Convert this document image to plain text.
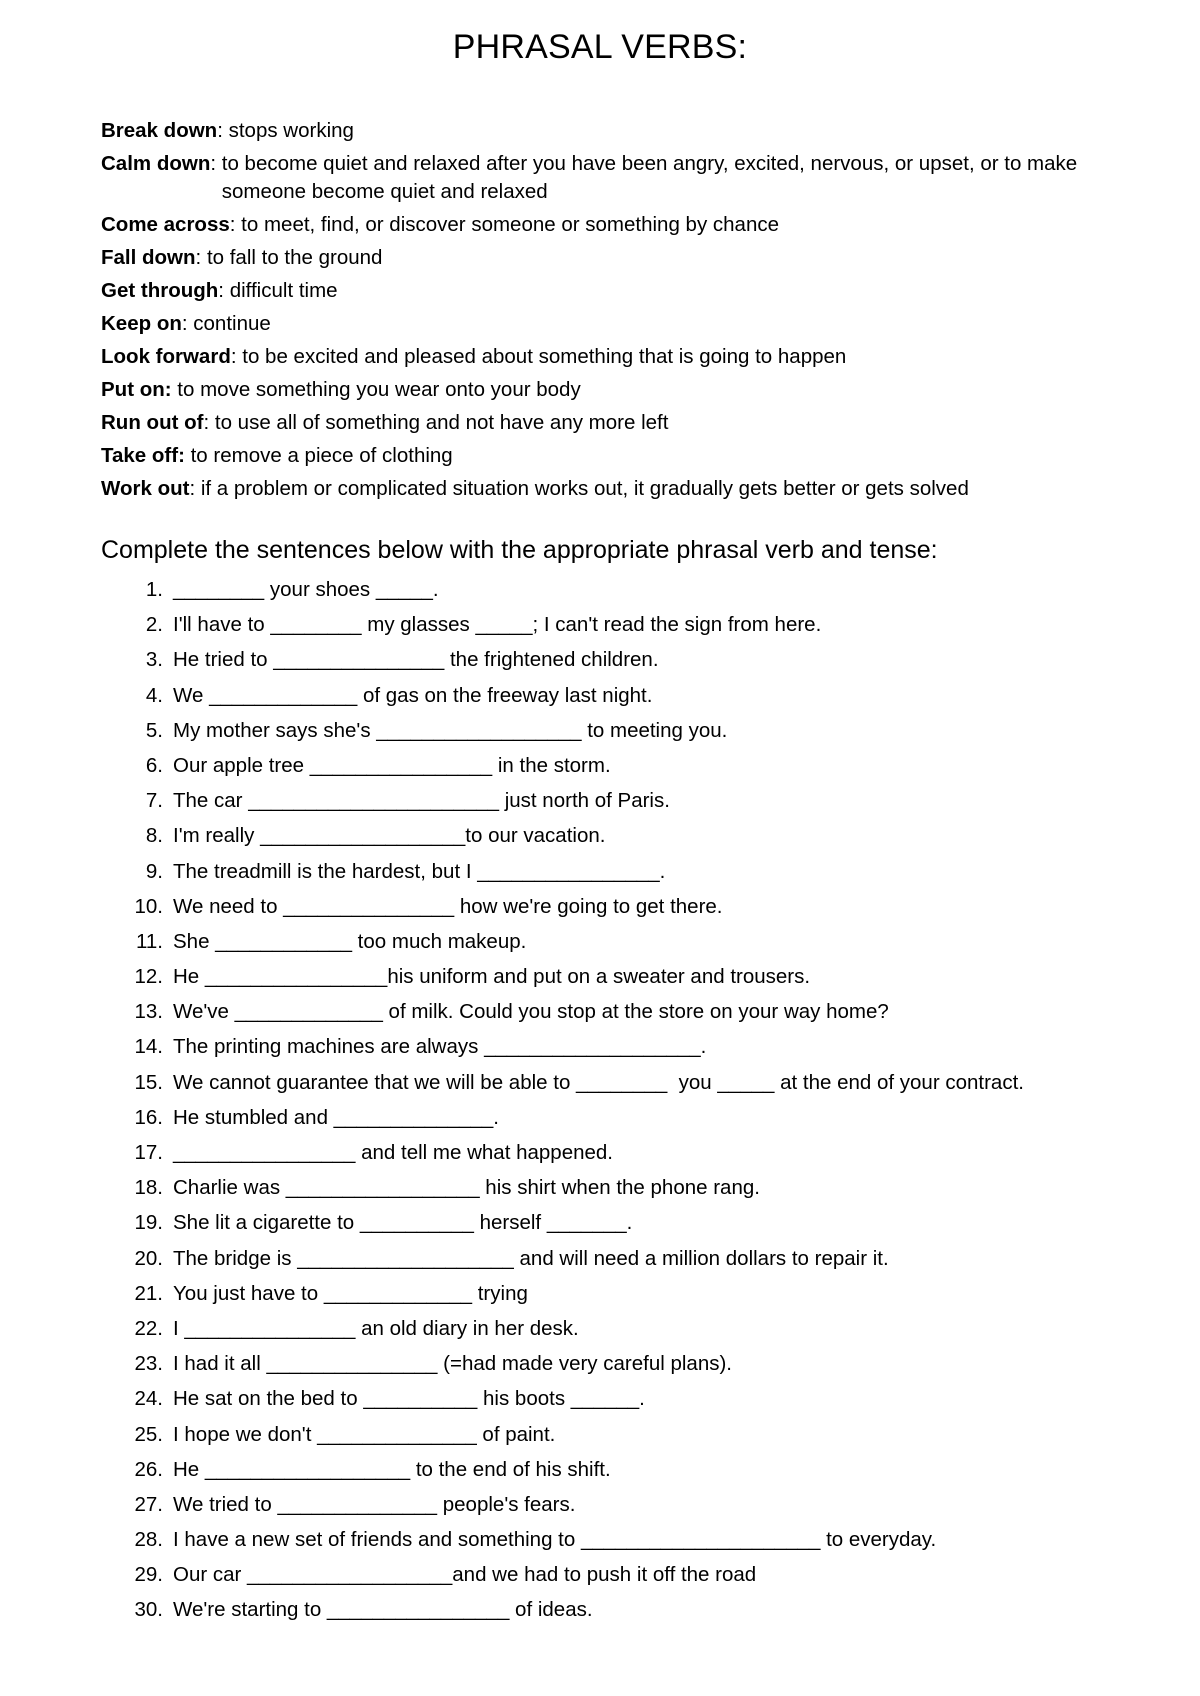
PHRASAL VERBS:
Break down : stops working
Calm down : to become quiet and relaxed after you have been angry, excited, nervous, or upset, or to make someone become quiet and relaxed
Come across : to meet, find, or discover someone or something by chance
Fall down : to fall to the ground
Get through : difficult time
Keep on : continue
Look forward : to be excited and pleased about something that is going to happen
Put on:
to move something you wear onto your body
Run out of : to use all of something and not have any more left
Take off:
to remove a piece of clothing
Work out : if a problem or complicated situation works out, it gradually gets better or gets solved
Complete the sentences below with the appropriate phrasal verb and tense:
1. ________ your shoes _____.
2. I'll have to ________ my glasses _____; I can't read the sign from here.
3. He tried to _______________ the frightened children.
4. We _____________ of gas on the freeway last night.
5. My mother says she's __________________ to meeting you.
6. Our apple tree ________________ in the storm.
7. The car ______________________ just north of Paris.
8. I'm really __________________to our vacation.
9. The treadmill is the hardest, but I ________________.
10. We need to _______________ how we're going to get there.
11. She ____________ too much makeup.
12. He ________________his uniform and put on a sweater and trousers.
13. We've _____________ of milk. Could you stop at the store on your way home?
14. The printing machines are always ___________________.
15. We cannot guarantee that we will be able to ________  you _____ at the end of your contract.
16. He stumbled and ______________.
17. ________________ and tell me what happened.
18. Charlie was _________________ his shirt when the phone rang.
19. She lit a cigarette to __________ herself _______.
20. The bridge is ___________________ and will need a million dollars to repair it.
21. You just have to _____________ trying
22. I _______________ an old diary in her desk.
23. I had it all _______________ (=had made very careful plans).
24. He sat on the bed to __________ his boots ______.
25. I hope we don't ______________ of paint.
26. He __________________ to the end of his shift.
27. We tried to ______________ people's fears.
28. I have a new set of friends and something to _____________________ to everyday.
29. Our car __________________and we had to push it off the road
30. We're starting to ________________ of ideas.
